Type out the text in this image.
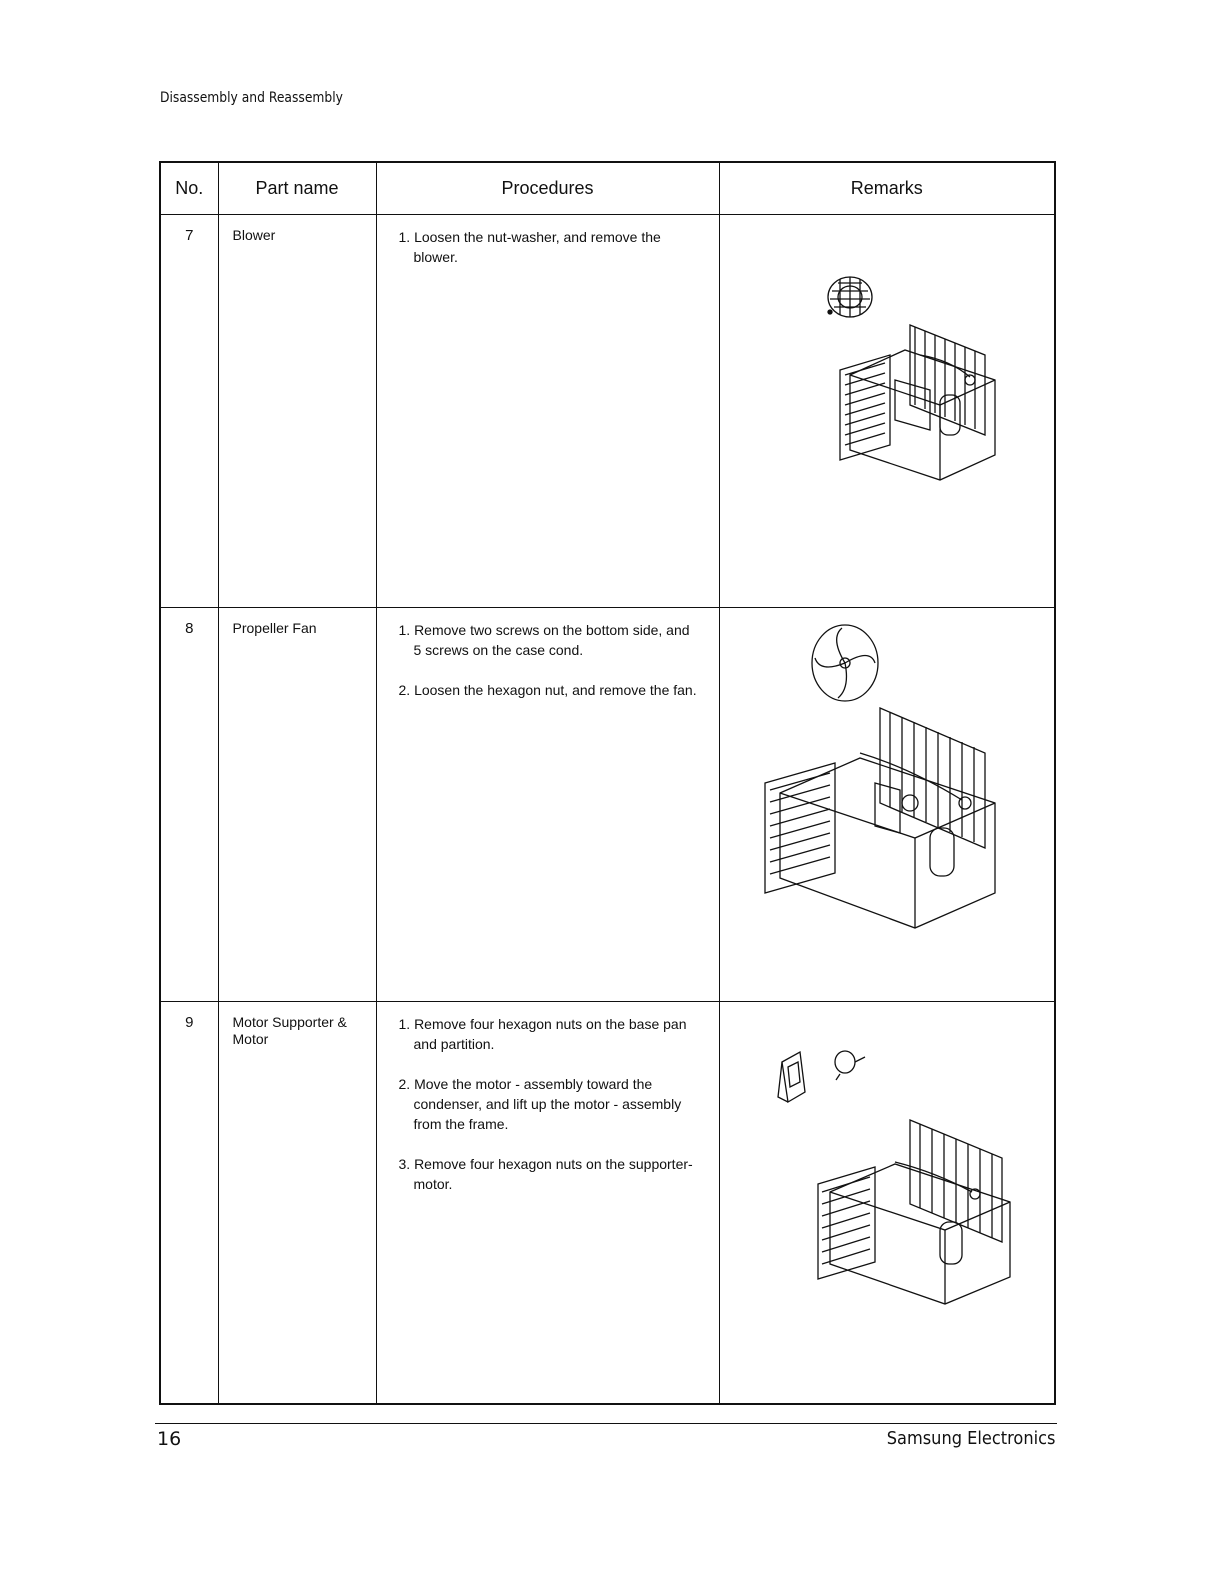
Disassembly and Reassembly
No.	Part name	Procedures	Remarks
7	Blower	1. Loosen the nut-washer, and remove the blower.

8	Propeller Fan	1. Remove two screws on the bottom side, and 5 screws on the case cond.
2. Loosen the hexagon nut, and remove the fan.

9	Motor Supporter & Motor	1. Remove four hexagon nuts on the base pan and partition.
2. Move the motor - assembly toward the condenser, and lift up the motor - assembly from the frame.
3. Remove four hexagon nuts on the supporter-motor.

16	Samsung Electronics
